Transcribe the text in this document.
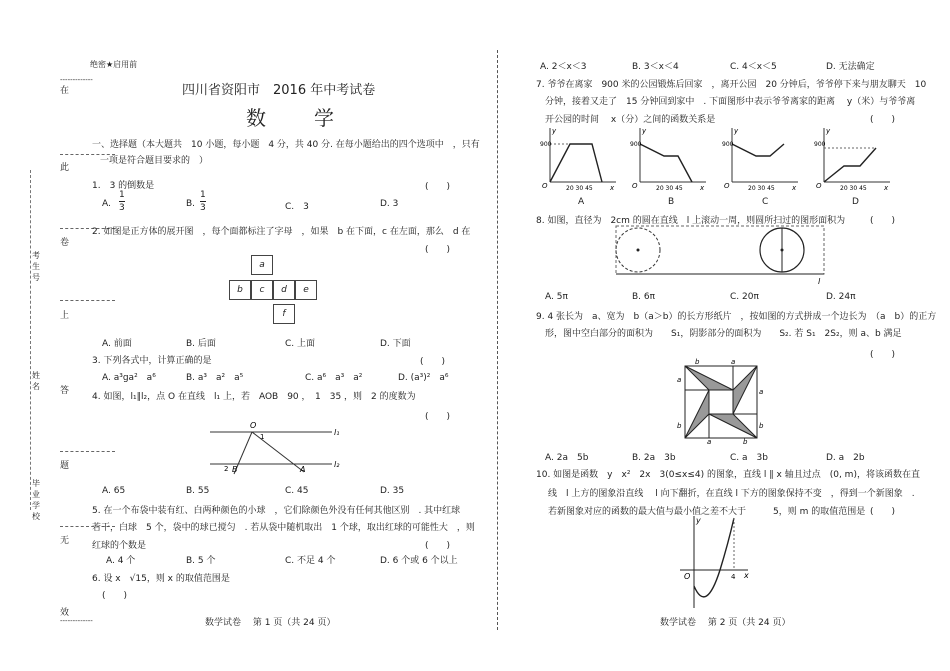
绝密★启用前
-------------
在
此
卷
上
答
题
无
效
-------------
考生号
姓名
毕业学校
四川省资阳市　2016 年中考试卷
数　学
一、选择题（本大题共　10 小题，每小题　4 分，共 40 分. 在每小题给出的四个选项中　，只有
一项是符合题目要求的　）
1.　3 的倒数是	(　　)
A. $\frac{1}{3}$	B. $\frac{1}{3}$	C.　3	D. 3
2. 如图是正方体的展开图　，每个面都标注了字母　，如果　b 在下面，c 在左面，那么　d 在
(　　)
a
b	c	d	e
f
A. 前面	B. 后面	C. 上面	D. 下面
3. 下列各式中，计算正确的是	(　　)
A. a³ga²　a⁶	B. a³　a²　a⁵	C. a⁶　a³　a²	D. (a³)²　a⁶
4. 如图，l₁∥l₂，点 O 在直线　l₁ 上，若　AOB　90 ，　1　35 ，则　2 的度数为
(　　)
O
1
2 B	A
l₁
l₂
A. 65	B. 55	C. 45	D. 35
5. 在一个布袋中装有红、白两种颜色的小球　，它们除颜色外没有任何其他区别　. 其中红球
若干，白球　5 个，袋中的球已搅匀　. 若从袋中随机取出　1 个球，取出红球的可能性大　，则
红球的个数是	(　　)
A. 4 个	B. 5 个	C. 不足 4 个	D. 6 个或 6 个以上
6. 设 x　√15，则 x 的取值范围是
(　　)
数学试卷　 第 1 页（共 24 页）
A. 2＜x＜3	B. 3＜x＜4	C. 4＜x＜5	D. 无法确定
7. 爷爷在离家　900 米的公园锻炼后回家　，离开公园　20 分钟后，爷爷停下来与朋友聊天　10
分钟，接着又走了　15 分钟回到家中　. 下面图形中表示爷爷离家的距离　 y（米）与爷爷离
开公园的时间　 x（分）之间的函数关系是	(　　)
y
900
O	20 30 45 x
y
900
O	20 30 45 x
y
900
O	20 30 45 x
y
900
O	20 30 45 x
A	B	C	D
8. 如图，直径为　2cm 的圆在直线　l 上滚动一周，则圆所扫过的图形面积为	(　　)
l
A. 5π	B. 6π	C. 20π	D. 24π
9. 4 张长为　a、宽为　b（a＞b）的长方形纸片　，按如图的方式拼成一个边长为　（a　b）的正方
形，图中空白部分的面积为　　S₁，阴影部分的面积为　　S₂. 若 S₁　2S₂，则 a、b 满足
(　　)
b	a
a
b
a
b
a	b
A. 2a　5b	B. 2a　3b	C. a　3b	D. a　2b
10. 如图是函数　y　x²　2x　3(0≤x≤4) 的图象，直线 l ∥ x 轴且过点　(0, m)，将该函数在直
线　l 上方的图象沿直线　 l 向下翻折，在直线 l 下方的图象保持不变　，得到一个新图象　.
若新图象对应的函数的最大值与最小值之差不大于　　　5，则 m 的取值范围是 (　　)
y
x
O	4
数学试卷　 第 2 页（共 24 页）
